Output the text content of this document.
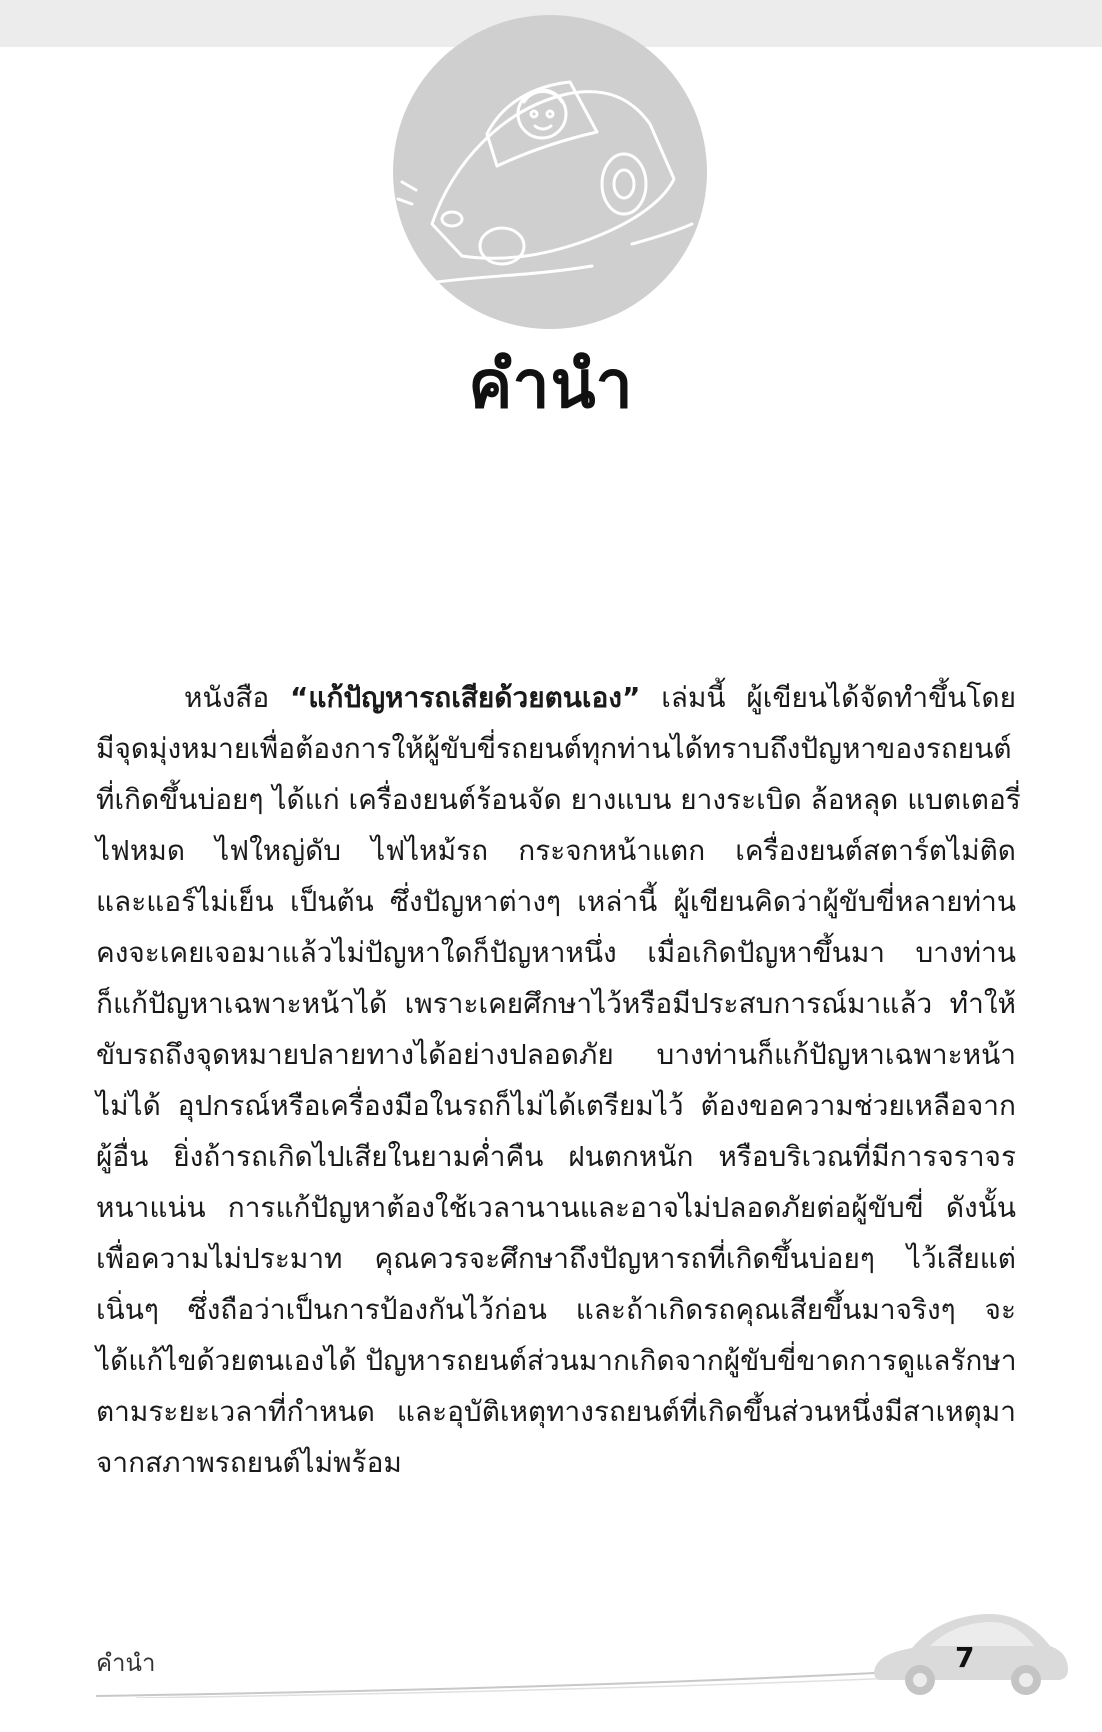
คำนำ
หนังสือ “แก้ปัญหารถเสียด้วยตนเอง” เล่มนี้ ผู้เขียนได้จัดทำขึ้นโดย
มีจุดมุ่งหมายเพื่อต้องการให้ผู้ขับขี่รถยนต์ทุกท่านได้ทราบถึงปัญหาของรถยนต์
ที่เกิดขึ้นบ่อยๆ ได้แก่ เครื่องยนต์ร้อนจัด ยางแบน ยางระเบิด ล้อหลุด แบตเตอรี่
ไฟหมด ไฟใหญ่ดับ ไฟไหม้รถ กระจกหน้าแตก เครื่องยนต์สตาร์ตไม่ติด
และแอร์ไม่เย็น เป็นต้น ซึ่งปัญหาต่างๆ เหล่านี้ ผู้เขียนคิดว่าผู้ขับขี่หลายท่าน
คงจะเคยเจอมาแล้วไม่ปัญหาใดก็ปัญหาหนึ่ง เมื่อเกิดปัญหาขึ้นมา บางท่าน
ก็แก้ปัญหาเฉพาะหน้าได้ เพราะเคยศึกษาไว้หรือมีประสบการณ์มาแล้ว ทำให้
ขับรถถึงจุดหมายปลายทางได้อย่างปลอดภัย บางท่านก็แก้ปัญหาเฉพาะหน้า
ไม่ได้ อุปกรณ์หรือเครื่องมือในรถก็ไม่ได้เตรียมไว้ ต้องขอความช่วยเหลือจาก
ผู้อื่น ยิ่งถ้ารถเกิดไปเสียในยามค่ำคืน ฝนตกหนัก หรือบริเวณที่มีการจราจร
หนาแน่น การแก้ปัญหาต้องใช้เวลานานและอาจไม่ปลอดภัยต่อผู้ขับขี่ ดังนั้น
เพื่อความไม่ประมาท คุณควรจะศึกษาถึงปัญหารถที่เกิดขึ้นบ่อยๆ ไว้เสียแต่
เนิ่นๆ ซึ่งถือว่าเป็นการป้องกันไว้ก่อน และถ้าเกิดรถคุณเสียขึ้นมาจริงๆ จะ
ได้แก้ไขด้วยตนเองได้ ปัญหารถยนต์ส่วนมากเกิดจากผู้ขับขี่ขาดการดูแลรักษา
ตามระยะเวลาที่กำหนด และอุบัติเหตุทางรถยนต์ที่เกิดขึ้นส่วนหนึ่งมีสาเหตุมา
จากสภาพรถยนต์ไม่พร้อม
คำนำ	7
